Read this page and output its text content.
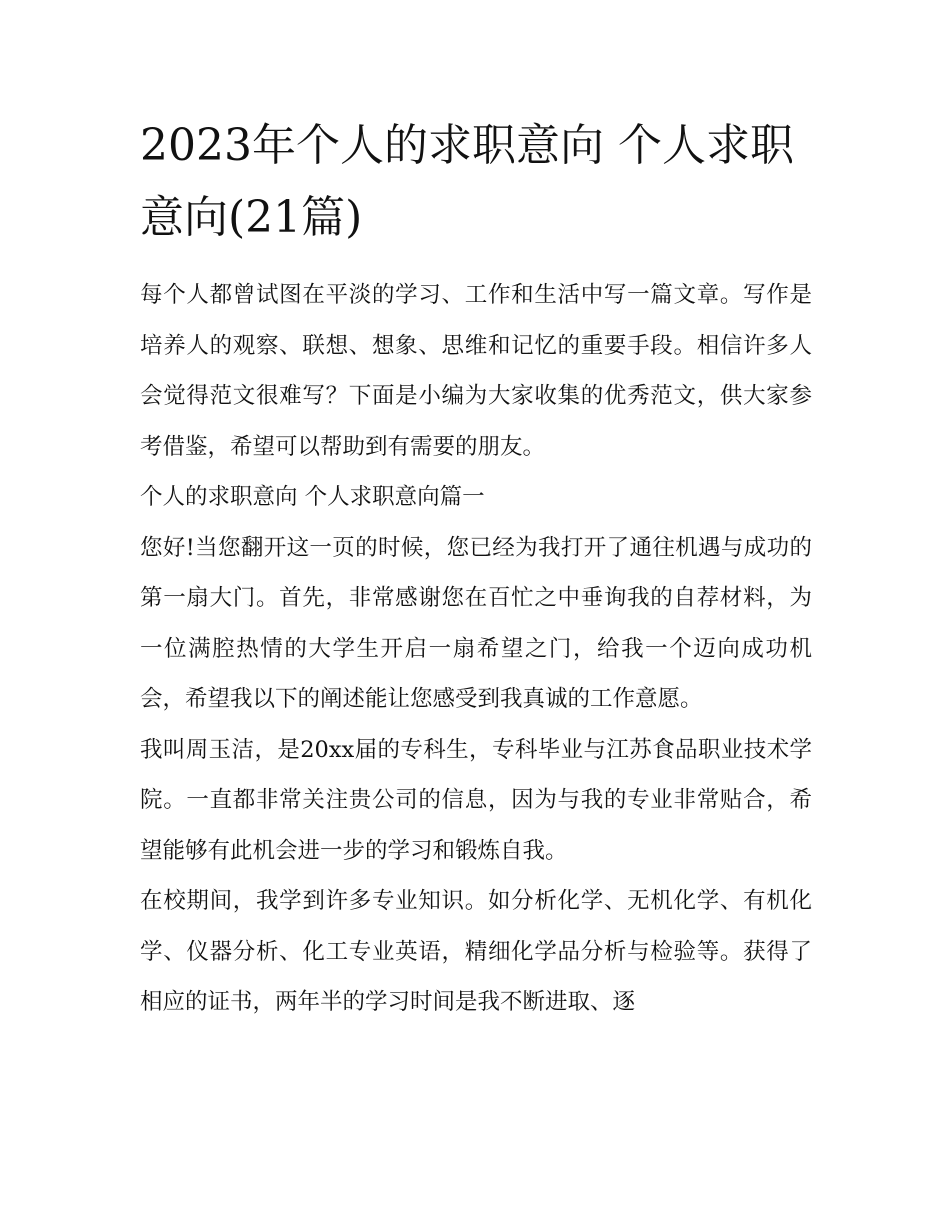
2023年个人的求职意向 个人求职意向(21篇)

每个人都曾试图在平淡的学习、工作和生活中写一篇文章。写作是培养人的观察、联想、想象、思维和记忆的重要手段。相信许多人会觉得范文很难写？下面是小编为大家收集的优秀范文，供大家参考借鉴，希望可以帮助到有需要的朋友。

个人的求职意向 个人求职意向篇一

您好!当您翻开这一页的时候，您已经为我打开了通往机遇与成功的第一扇大门。首先，非常感谢您在百忙之中垂询我的自荐材料，为一位满腔热情的大学生开启一扇希望之门，给我一个迈向成功机会，希望我以下的阐述能让您感受到我真诚的工作意愿。

我叫周玉洁，是20xx届的专科生，专科毕业与江苏食品职业技术学院。一直都非常关注贵公司的信息，因为与我的专业非常贴合，希望能够有此机会进一步的学习和锻炼自我。

在校期间，我学到许多专业知识。如分析化学、无机化学、有机化学、仪器分析、化工专业英语，精细化学品分析与检验等。获得了相应的证书，两年半的学习时间是我不断进取、逐
